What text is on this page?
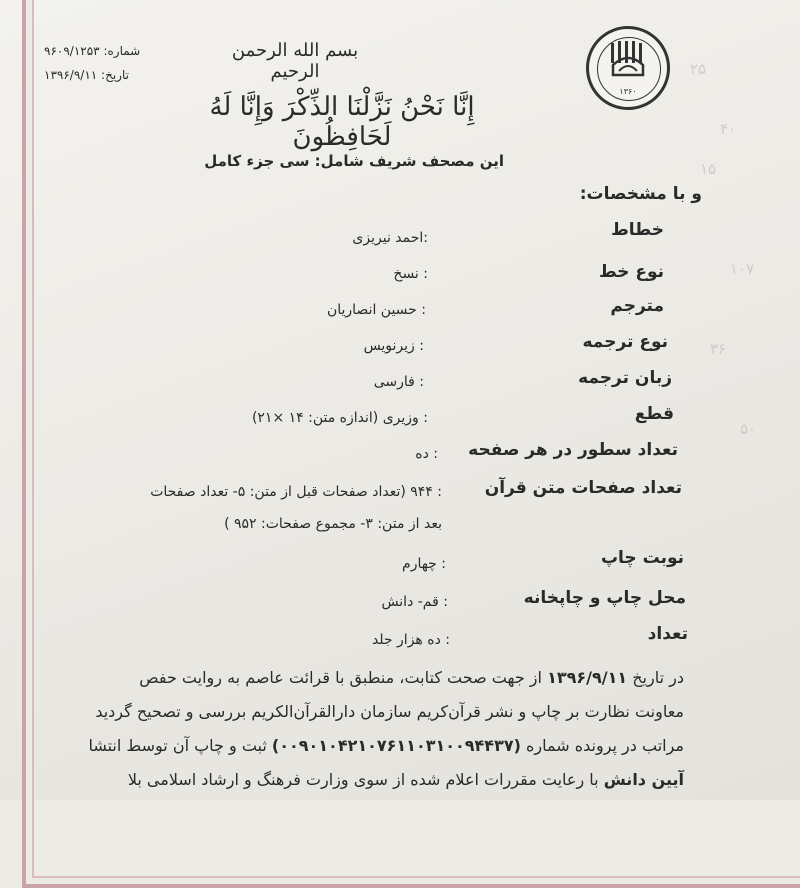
۲۵
۴۰
۱۵
۱۰۷
۳۶
۵۰
۱۳۶۰
شماره: ۹۶۰۹/۱۲۵۳
تاریخ: ۱۳۹۶/۹/۱۱
بسم الله الرحمن الرحیم
إِنَّا نَحْنُ نَزَّلْنَا الذِّكْرَ وَإِنَّا لَهُ لَحَافِظُونَ
این مصحف شریف شامل: سی جزء کامل
و با مشخصات:
خطاط
:احمد نیریزی
نوع خط
: نسخ
مترجم
: حسین انصاریان
نوع ترجمه
: زیرنویس
زبان ترجمه
: فارسی
قطع
: وزیری (اندازه متن: ۱۴ ×۲۱)
تعداد سطور در هر صفحه
: ده
تعداد صفحات متن قرآن
: ۹۴۴ (تعداد صفحات قبل از متن: ۵- تعداد صفحات
بعد از متن: ۳- مجموع صفحات: ۹۵۲ )
نوبت چاپ
: چهارم
محل چاپ و چاپخانه
: قم- دانش
تعداد
: ده هزار جلد
در تاریخ ۱۳۹۶/۹/۱۱ از جهت صحت کتابت، منطبق با قرائت عاصم به روایت حفص
معاونت نظارت بر چاپ و نشر قرآن‌کریم سازمان دارالقرآن‌الکریم بررسی و تصحیح گردید
مراتب در پرونده شماره (۰۰۹۰۱۰۴۲۱۰۷۶۱۱۰۳۱۰۰۹۴۴۳۷) ثبت و چاپ آن توسط انتشا
آیین دانش با رعایت مقررات اعلام شده از سوی وزارت فرهنگ و ارشاد اسلامی بلا
